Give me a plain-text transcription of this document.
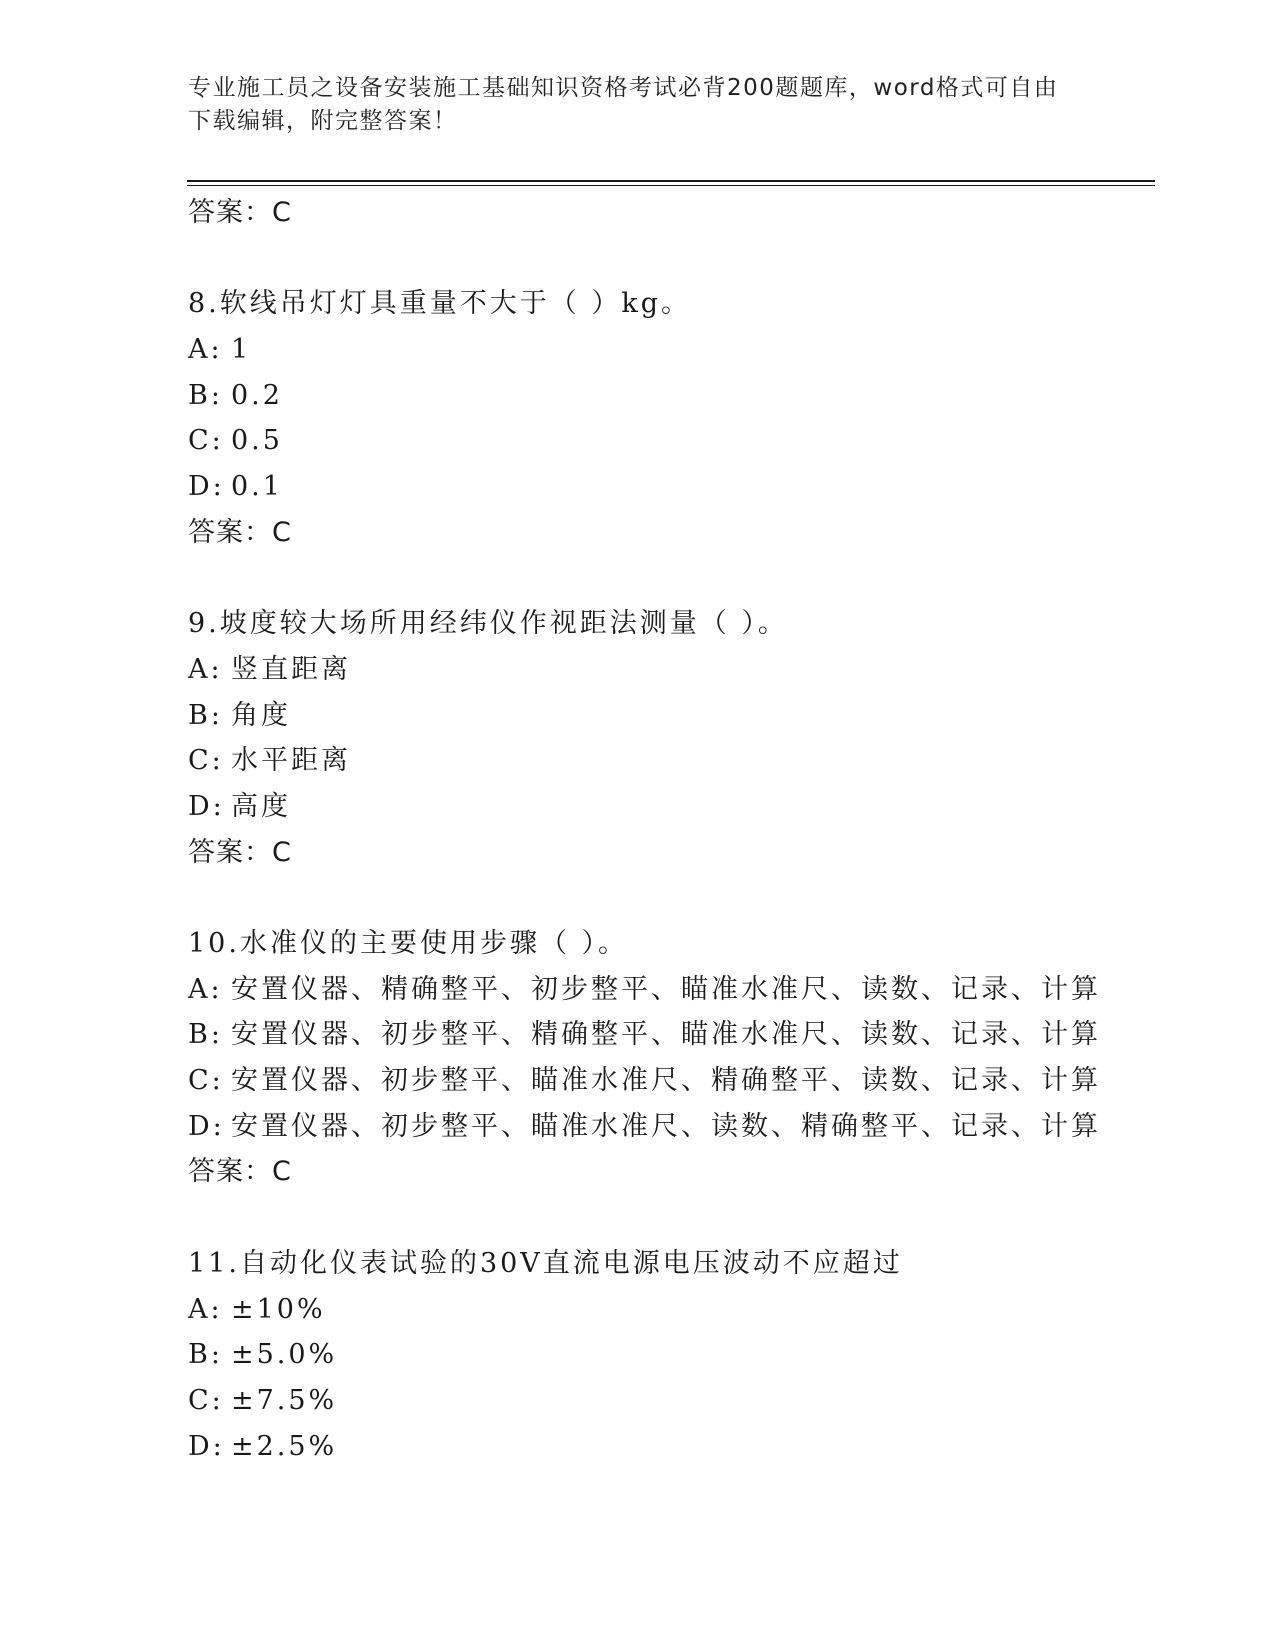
专业施工员之设备安装施工基础知识资格考试必背200题题库，word格式可自由
下载编辑，附完整答案！
答案：C
8.软线吊灯灯具重量不大于（ ）kg。
A: 1
B: 0.2
C: 0.5
D: 0.1
答案：C
9.坡度较大场所用经纬仪作视距法测量（ ）。
A: 竖直距离
B: 角度
C: 水平距离
D: 高度
答案：C
10.水准仪的主要使用步骤（ ）。
A: 安置仪器、精确整平、初步整平、瞄准水准尺、读数、记录、计算
B: 安置仪器、初步整平、精确整平、瞄准水准尺、读数、记录、计算
C: 安置仪器、初步整平、瞄准水准尺、精确整平、读数、记录、计算
D: 安置仪器、初步整平、瞄准水准尺、读数、精确整平、记录、计算
答案：C
11.自动化仪表试验的30V直流电源电压波动不应超过
A: ±10%
B: ±5.0%
C: ±7.5%
D: ±2.5%
